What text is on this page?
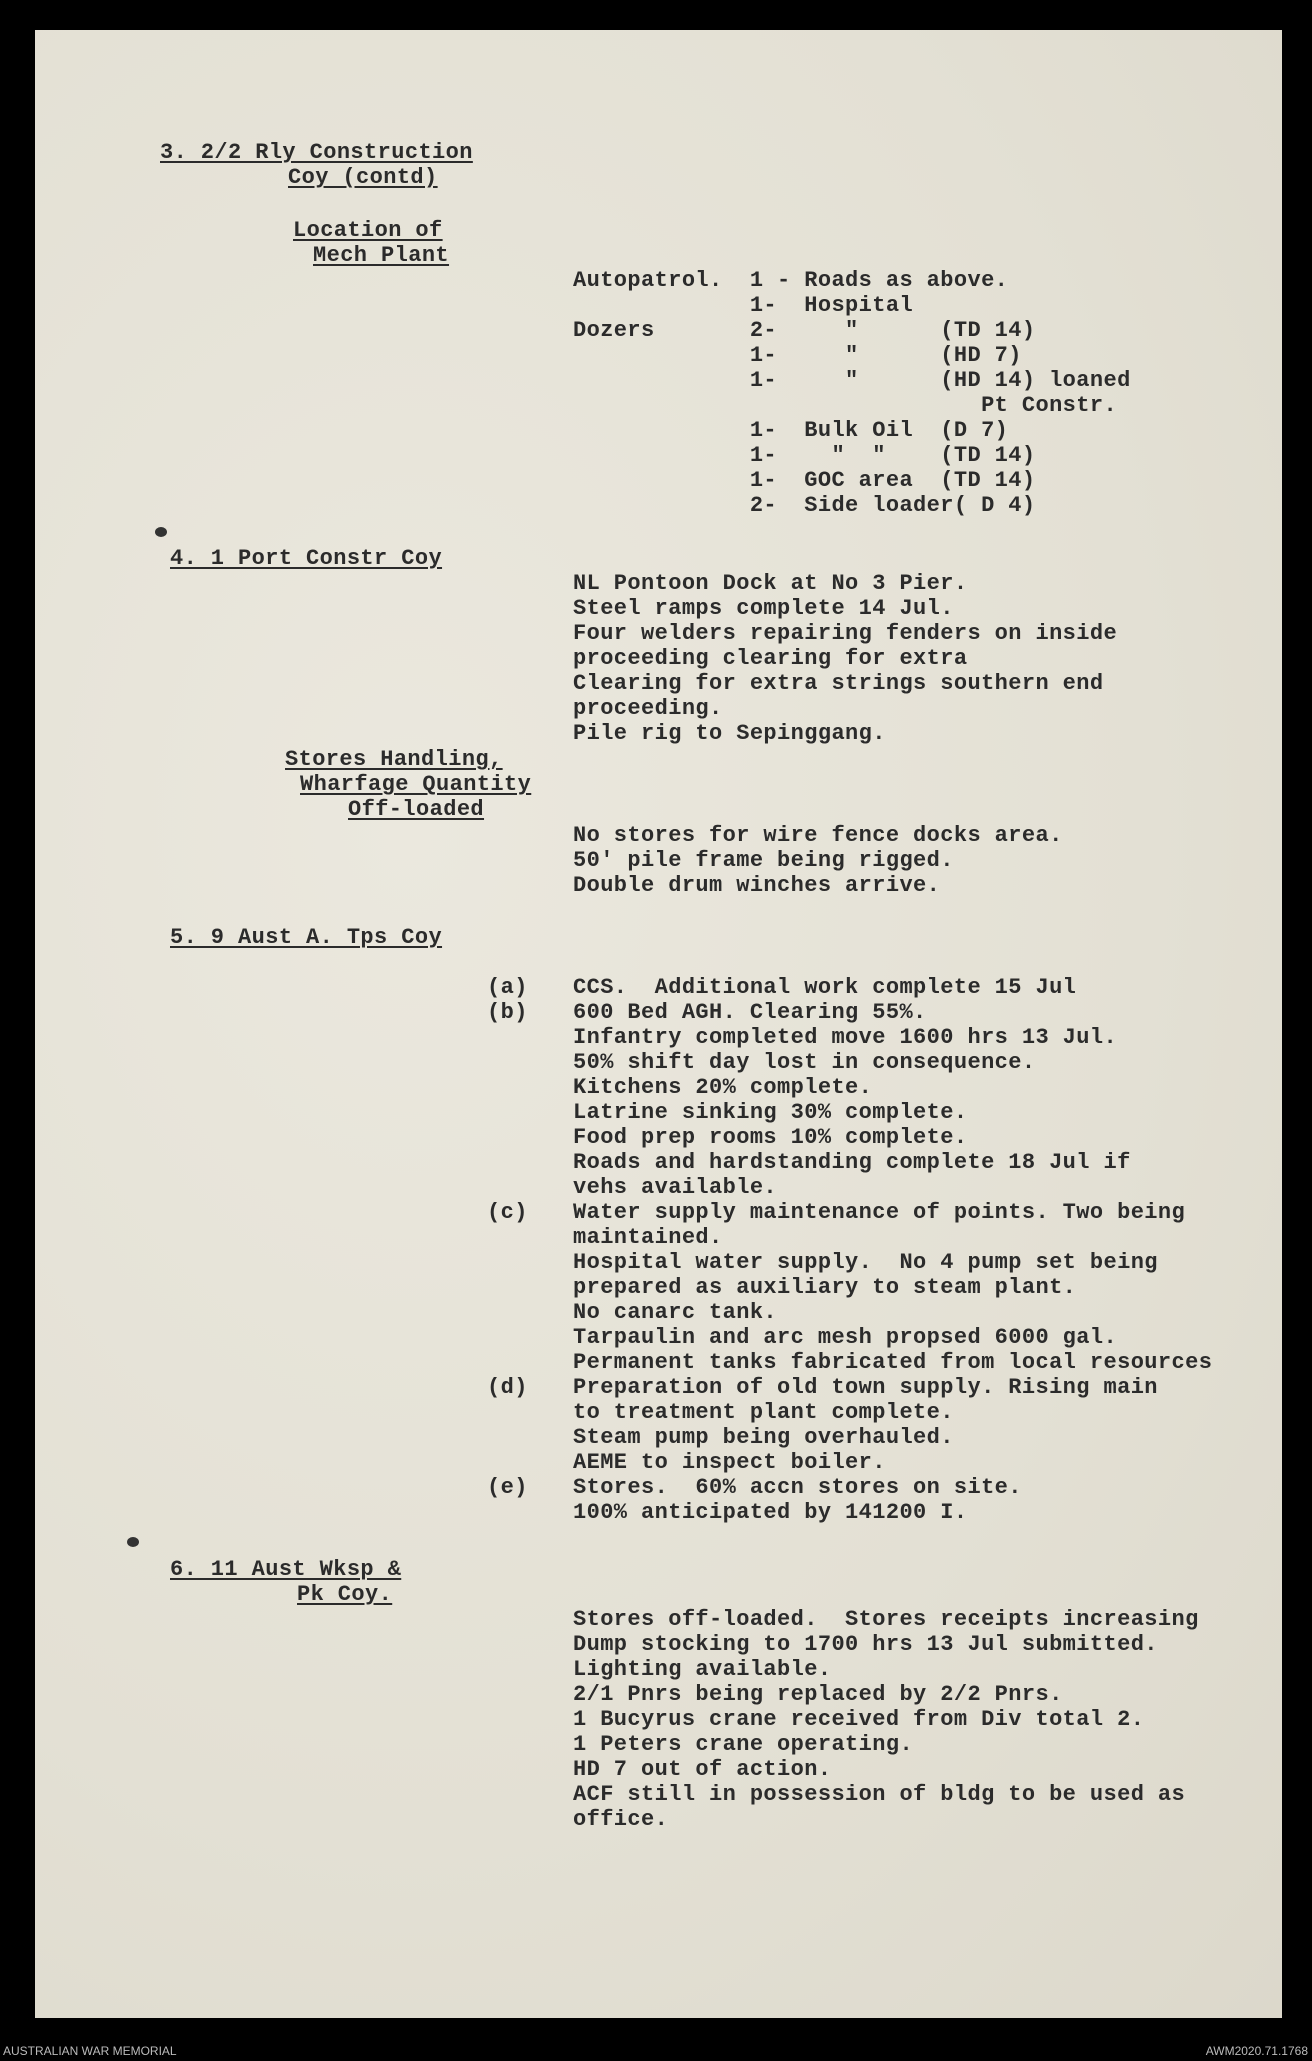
3. 2/2 Rly Construction
Coy (contd)
Location of
Mech Plant
Autopatrol.  1 - Roads as above.
1-  Hospital
Dozers       2-     "      (TD 14)
1-     "      (HD 7)
1-     "      (HD 14) loaned
Pt Constr.
1-  Bulk Oil  (D 7)
1-    "  "    (TD 14)
1-  GOC area  (TD 14)
2-  Side loader( D 4)
4. 1 Port Constr Coy
NL Pontoon Dock at No 3 Pier.
Steel ramps complete 14 Jul.
Four welders repairing fenders on inside
proceeding clearing for extra
Clearing for extra strings southern end
proceeding.
Pile rig to Sepinggang.
Stores Handling,
Wharfage Quantity
Off-loaded
No stores for wire fence docks area.
50' pile frame being rigged.
Double drum winches arrive.
5. 9 Aust A. Tps Coy
(a)
(b)
(c)
(d)
(e)
CCS.  Additional work complete 15 Jul
600 Bed AGH. Clearing 55%.
Infantry completed move 1600 hrs 13 Jul.
50% shift day lost in consequence.
Kitchens 20% complete.
Latrine sinking 30% complete.
Food prep rooms 10% complete.
Roads and hardstanding complete 18 Jul if
vehs available.
Water supply maintenance of points. Two being
maintained.
Hospital water supply.  No 4 pump set being
prepared as auxiliary to steam plant.
No canarc tank.
Tarpaulin and arc mesh propsed 6000 gal.
Permanent tanks fabricated from local resources
Preparation of old town supply. Rising main
to treatment plant complete.
Steam pump being overhauled.
AEME to inspect boiler.
Stores.  60% accn stores on site.
100% anticipated by 141200 I.
6. 11 Aust Wksp &
Pk Coy.
Stores off-loaded.  Stores receipts increasing
Dump stocking to 1700 hrs 13 Jul submitted.
Lighting available.
2/1 Pnrs being replaced by 2/2 Pnrs.
1 Bucyrus crane received from Div total 2.
1 Peters crane operating.
HD 7 out of action.
ACF still in possession of bldg to be used as
office.
AUSTRALIAN WAR MEMORIAL	AWM2020.71.1768
